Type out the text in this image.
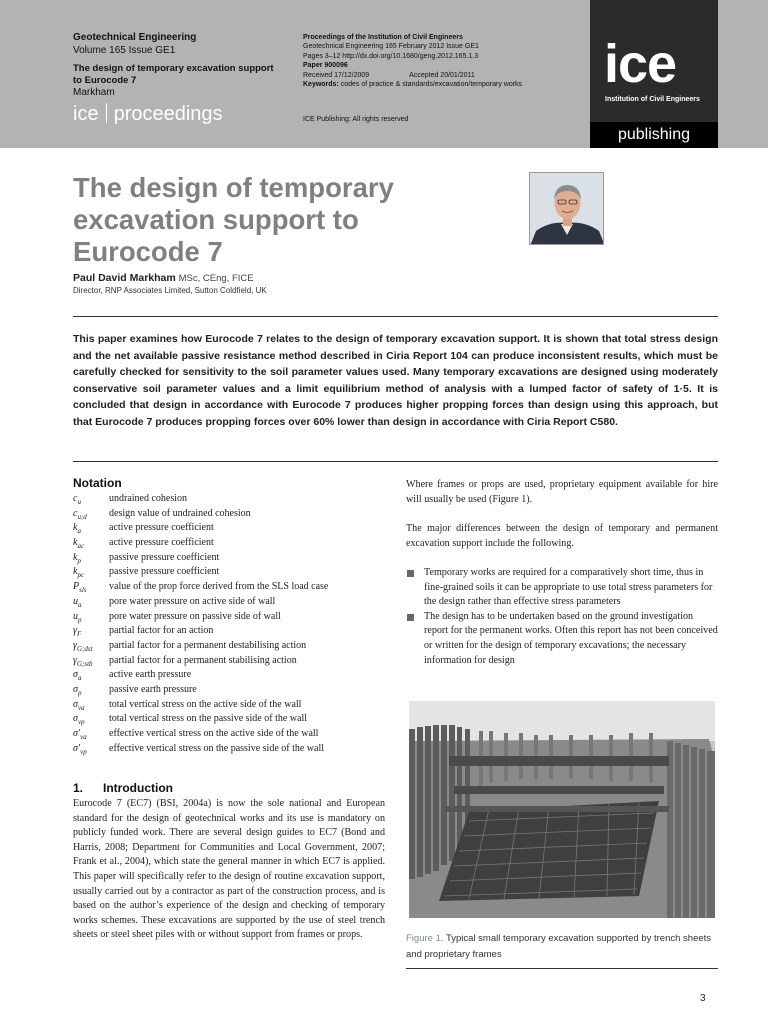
Geotechnical Engineering
Volume 165 Issue GE1
The design of temporary excavation support
to Eurocode 7
Markham
ice proceedings
Proceedings of the Institution of Civil Engineers
Geotechnical Engineering 165 February 2012 Issue GE1
Pages 3–12 http://dx.doi.org/10.1680/geng.2012.165.1.3
Paper 900096
Received 17/12/2009	Accepted 20/01/2011
Keywords: codes of practice & standards/excavation/temporary works
ICE Publishing: All rights reserved
ice
Institution of Civil Engineers
publishing
The design of temporary
excavation support to
Eurocode 7
Paul David Markham MSc, CEng, FICE
Director, RNP Associates Limited, Sutton Coldfield, UK
This paper examines how Eurocode 7 relates to the design of temporary excavation support. It is shown that total stress design and the net available passive resistance method described in Ciria Report 104 can produce inconsistent results, which must be carefully checked for sensitivity to the soil parameter values used. Many temporary excavations are designed using moderately conservative soil parameter values and a limit equilibrium method of analysis with a lumped factor of safety of 1·5. It is concluded that design in accordance with Eurocode 7 produces higher propping forces than design using this approach, but that Eurocode 7 produces propping forces over 60% lower than design in accordance with Ciria Report C580.
Notation
$c_u$	undrained cohesion
$c_{u;d}$ design value of undrained cohesion
$k_a$	active pressure coefficient
$k_{ac}$ active pressure coefficient
$k_p$	passive pressure coefficient
$k_{pc}$ passive pressure coefficient
$P_{sls}$ value of the prop force derived from the SLS load case
$u_a$	pore water pressure on active side of wall
$u_p$	pore water pressure on passive side of wall
$\gamma_F$	partial factor for an action
$\gamma_{G;dst}$ partial factor for a permanent destabilising action
$\gamma_{G;stb}$ partial factor for a permanent stabilising action
$\sigma_a$	active earth pressure
$\sigma_p$	passive earth pressure
$\sigma_{va}$ total vertical stress on the active side of the wall
$\sigma_{vp}$ total vertical stress on the passive side of the wall
$\sigma'_{va}$ effective vertical stress on the active side of the wall
$\sigma'_{vp}$ effective vertical stress on the passive side of the wall
1. Introduction
Eurocode 7 (EC7) (BSI, 2004a) is now the sole national and European standard for the design of geotechnical works and its use is mandatory on publicly funded work. There are several design guides to EC7 (Bond and Harris, 2008; Department for Communities and Local Government, 2007; Frank et al., 2004), which state the general manner in which EC7 is applied. This paper will specifically refer to the design of routine excavation support, usually carried out by a contractor as part of the construction process, and is based on the author’s experience of the design and checking of temporary works schemes. These excavations are supported by the use of steel trench sheets or steel sheet piles with or without support from frames or props.
Where frames or props are used, proprietary equipment available for hire will usually be used (Figure 1).
The major differences between the design of temporary and permanent excavation support include the following.
Temporary works are required for a comparatively short time, thus in fine-grained soils it can be appropriate to use total stress parameters for the design rather than effective stress parameters
The design has to be undertaken based on the ground investigation report for the permanent works. Often this report has not been conceived or written for the design of temporary excavations; the necessary information for design
Figure 1. Typical small temporary excavation supported by trench sheets and proprietary frames
3
